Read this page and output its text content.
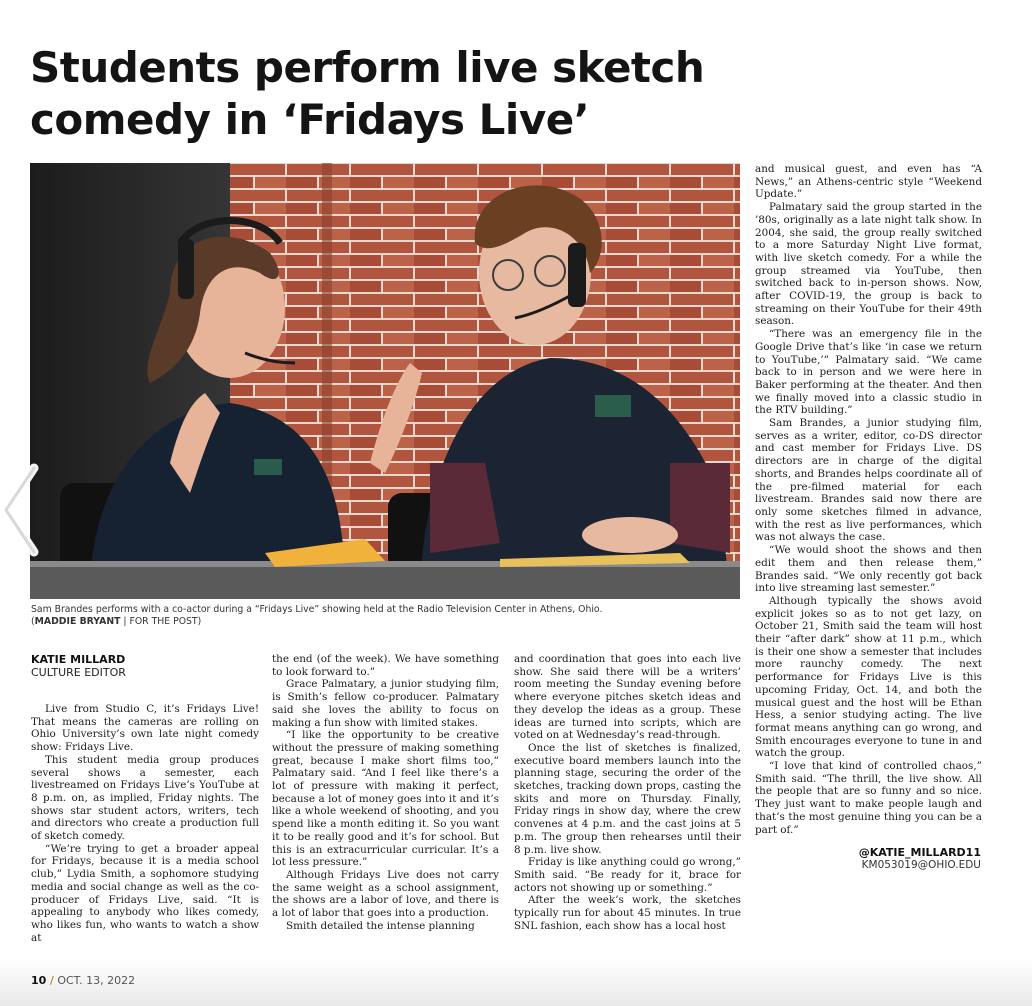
Students perform live sketch comedy in ‘Fridays Live’
Sam Brandes performs with a co-actor during a “Fridays Live” showing held at the Radio Television Center in Athens, Ohio.
(MADDIE BRYANT | FOR THE POST)
KATIE MILLARD
CULTURE EDITOR

Live from Studio C, it’s Fridays Live! That means the cameras are rolling on Ohio University’s own late night comedy show: Fridays Live.

This student media group produces several shows a semester, each livestreamed on Fridays Live’s YouTube at 8 p.m. on, as implied, Friday nights. The shows star student actors, writers, tech and directors who create a production full of sketch comedy.

“We’re trying to get a broader appeal for Fridays, because it is a media school club,” Lydia Smith, a sophomore studying media and social change as well as the co-producer of Fridays Live, said. “It is appealing to anybody who likes comedy, who likes fun, who wants to watch a show at

the end (of the week). We have something to look forward to.”

Grace Palmatary, a junior studying film, is Smith’s fellow co-producer. Palmatary said she loves the ability to focus on making a fun show with limited stakes.

“I like the opportunity to be creative without the pressure of making something great, because I make short films too,” Palmatary said. “And I feel like there’s a lot of pressure with making it perfect, because a lot of money goes into it and it’s like a whole weekend of shooting, and you spend like a month editing it. So you want it to be really good and it’s for school. But this is an extracurricular curricular. It’s a lot less pressure.”

Although Fridays Live does not carry the same weight as a school assignment, the shows are a labor of love, and there is a lot of labor that goes into a production.

Smith detailed the intense planning

and coordination that goes into each live show. She said there will be a writers’ room meeting the Sunday evening before where everyone pitches sketch ideas and they develop the ideas as a group. These ideas are turned into scripts, which are voted on at Wednesday’s read-through.

Once the list of sketches is finalized, executive board members launch into the planning stage, securing the order of the sketches, tracking down props, casting the skits and more on Thursday. Finally, Friday rings in show day, where the crew convenes at 4 p.m. and the cast joins at 5 p.m. The group then rehearses until their 8 p.m. live show.

Friday is like anything could go wrong,” Smith said. “Be ready for it, brace for actors not showing up or something.”

After the week’s work, the sketches typically run for about 45 minutes. In true SNL fashion, each show has a local host

and musical guest, and even has “A News,” an Athens-centric style “Weekend Update.”

Palmatary said the group started in the ’80s, originally as a late night talk show. In 2004, she said, the group really switched to a more Saturday Night Live format, with live sketch comedy. For a while the group streamed via YouTube, then switched back to in-person shows. Now, after COVID-19, the group is back to streaming on their YouTube for their 49th season.

“There was an emergency file in the Google Drive that’s like ‘in case we return to YouTube,’” Palmatary said. “We came back to in person and we were here in Baker performing at the theater. And then we finally moved into a classic studio in the RTV building.”

Sam Brandes, a junior studying film, serves as a writer, editor, co-DS director and cast member for Fridays Live. DS directors are in charge of the digital shorts, and Brandes helps coordinate all of the pre-filmed material for each livestream. Brandes said now there are only some sketches filmed in advance, with the rest as live performances, which was not always the case.

“We would shoot the shows and then edit them and then release them,” Brandes said. “We only recently got back into live streaming last semester.”

Although typically the shows avoid explicit jokes so as to not get lazy, on October 21, Smith said the team will host their “after dark” show at 11 p.m., which is their one show a semester that includes more raunchy comedy. The next performance for Fridays Live is this upcoming Friday, Oct. 14, and both the musical guest and the host will be Ethan Hess, a senior studying acting. The live format means anything can go wrong, and Smith encourages everyone to tune in and watch the group.

“I love that kind of controlled chaos,” Smith said. “The thrill, the live show. All the people that are so funny and so nice. They just want to make people laugh and that’s the most genuine thing you can be a part of.”

@KATIE_MILLARD11
KM053019@OHIO.EDU
10 / OCT. 13, 2022
